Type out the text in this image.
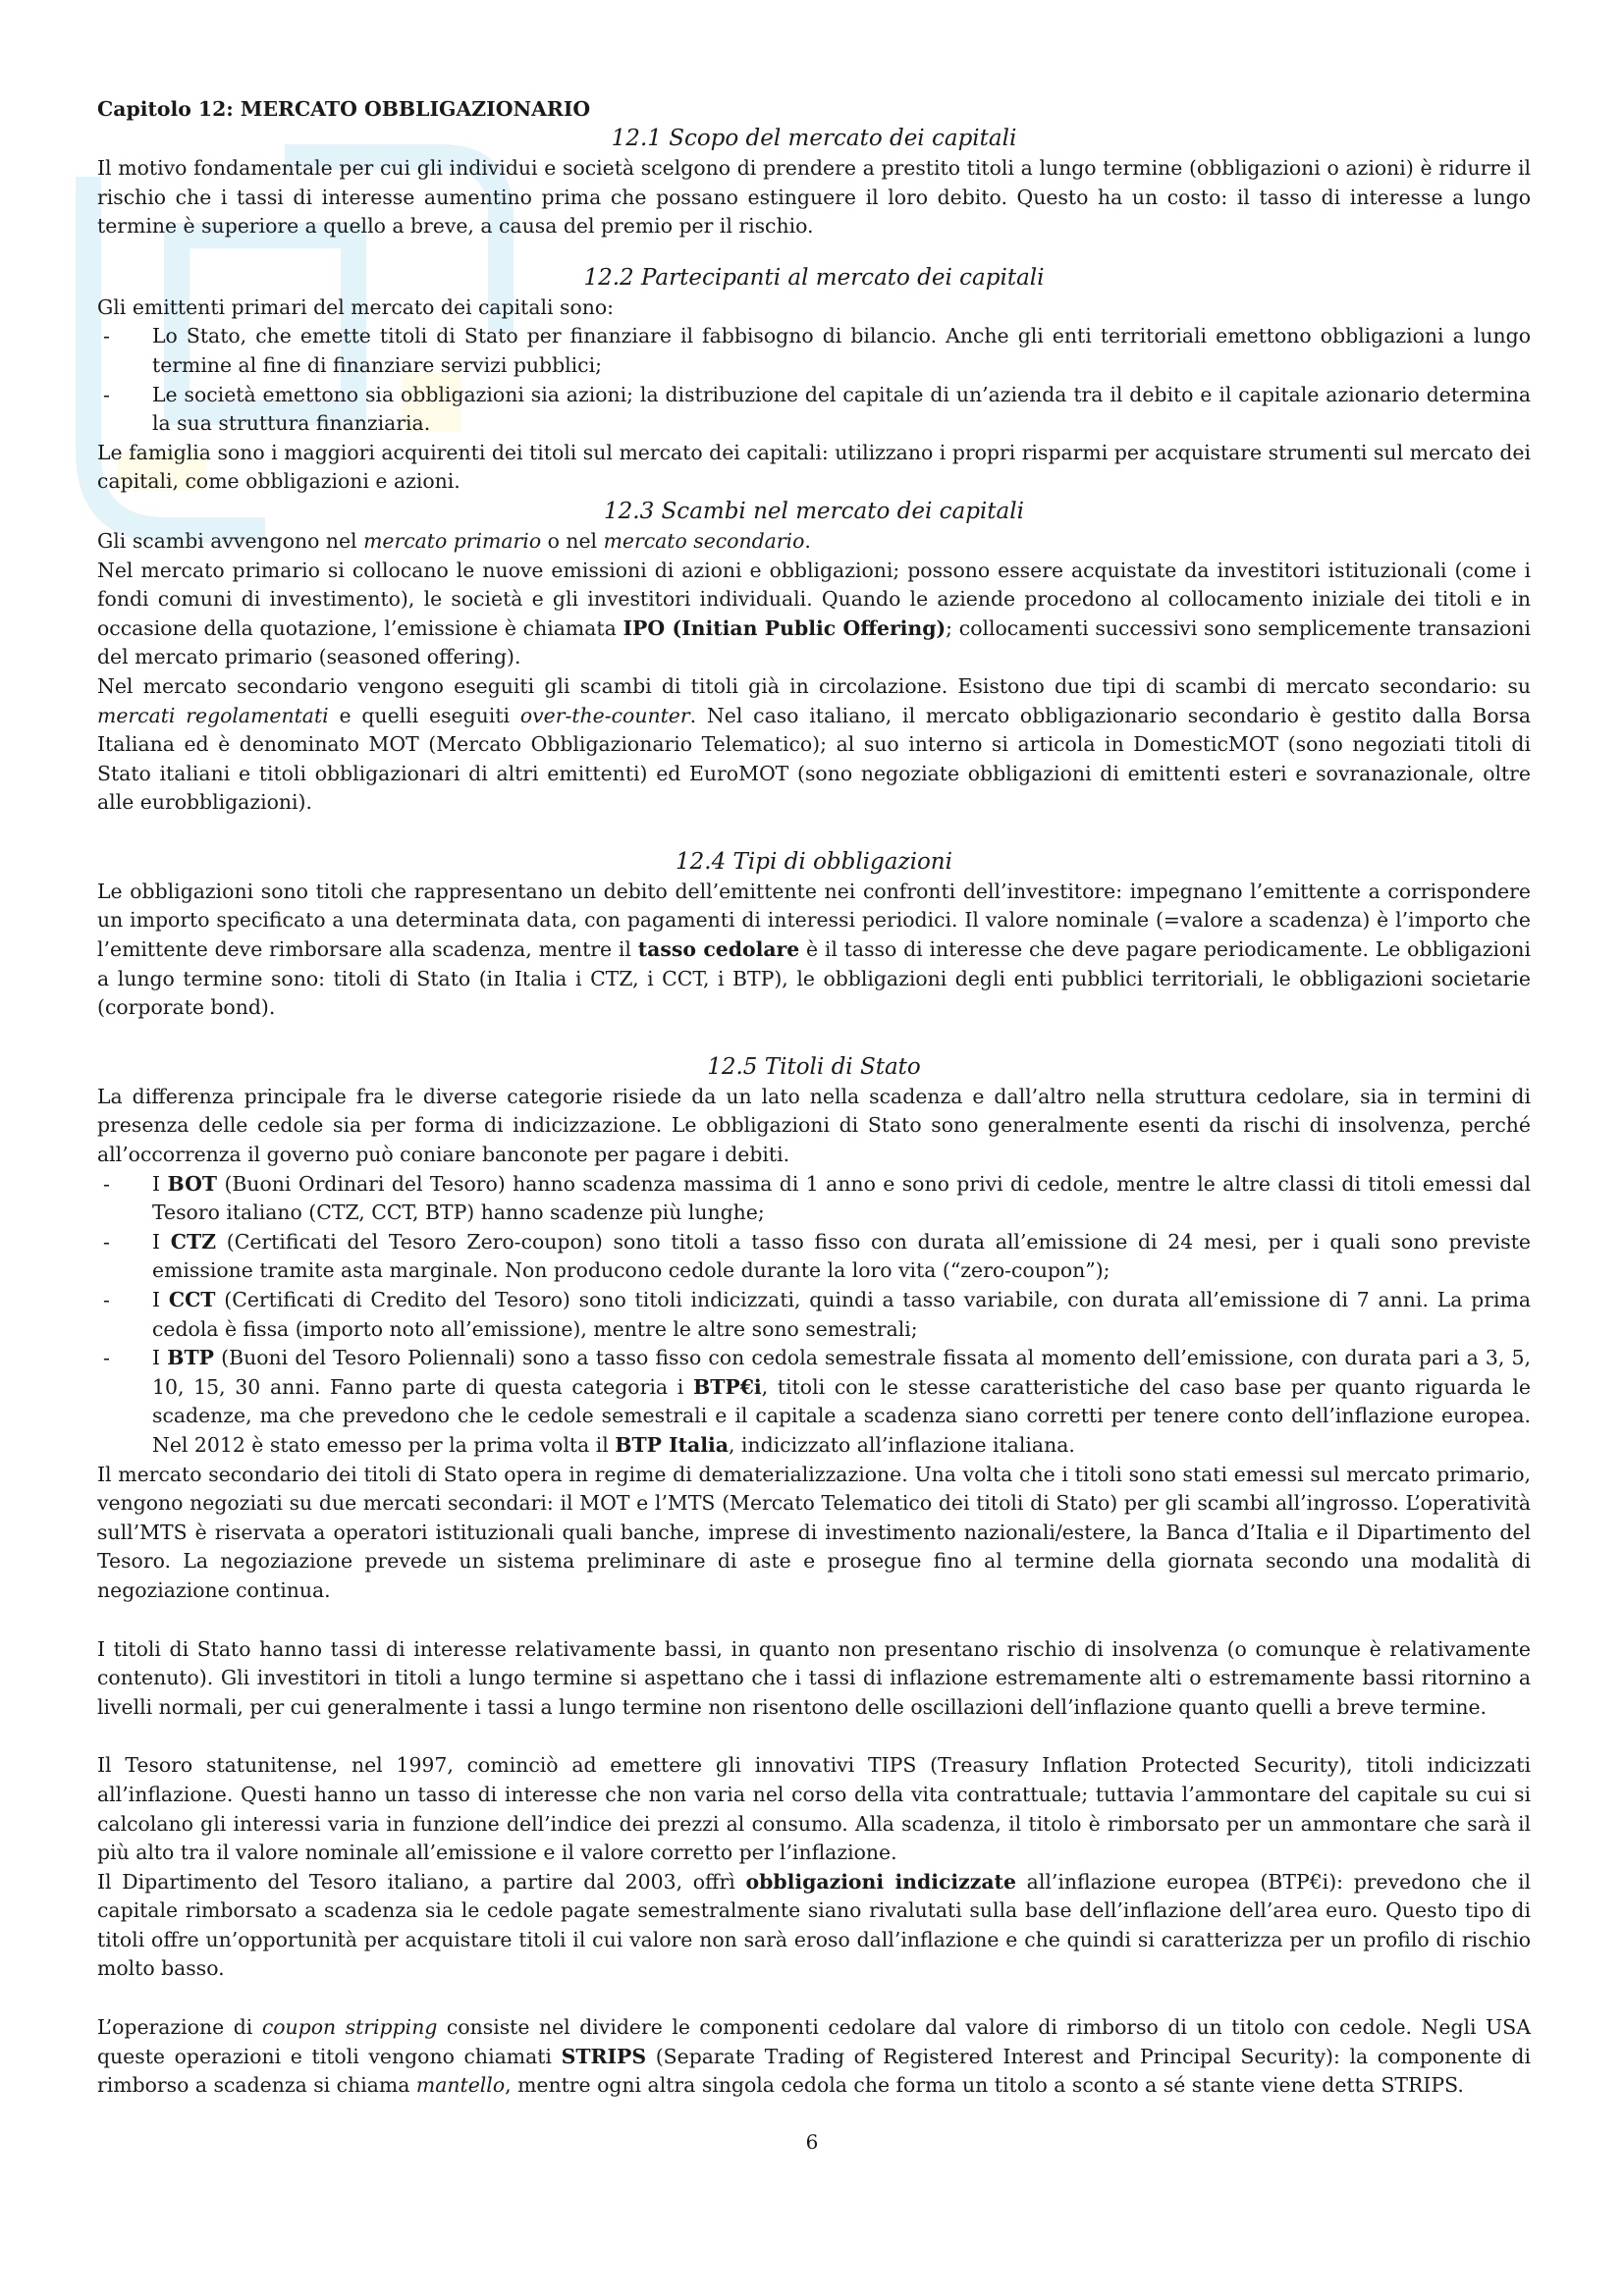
Capitolo 12: MERCATO OBBLIGAZIONARIO

12.1 Scopo del mercato dei capitali

Il motivo fondamentale per cui gli individui e società scelgono di prendere a prestito titoli a lungo termine (obbligazioni o azioni) è ridurre il rischio che i tassi di interesse aumentino prima che possano estinguere il loro debito. Questo ha un costo: il tasso di interesse a lungo termine è superiore a quello a breve, a causa del premio per il rischio.

12.2 Partecipanti al mercato dei capitali

Gli emittenti primari del mercato dei capitali sono:

- Lo Stato, che emette titoli di Stato per finanziare il fabbisogno di bilancio. Anche gli enti territoriali emettono obbligazioni a lungo termine al fine di finanziare servizi pubblici;
- Le società emettono sia obbligazioni sia azioni; la distribuzione del capitale di un’azienda tra il debito e il capitale azionario determina la sua struttura finanziaria.

Le famiglia sono i maggiori acquirenti dei titoli sul mercato dei capitali: utilizzano i propri risparmi per acquistare strumenti sul mercato dei capitali, come obbligazioni e azioni.

12.3 Scambi nel mercato dei capitali

Gli scambi avvengono nel mercato primario o nel mercato secondario.

Nel mercato primario si collocano le nuove emissioni di azioni e obbligazioni; possono essere acquistate da investitori istituzionali (come i fondi comuni di investimento), le società e gli investitori individuali. Quando le aziende procedono al collocamento iniziale dei titoli e in occasione della quotazione, l’emissione è chiamata IPO (Initian Public Offering); collocamenti successivi sono semplicemente transazioni del mercato primario (seasoned offering).

Nel mercato secondario vengono eseguiti gli scambi di titoli già in circolazione. Esistono due tipi di scambi di mercato secondario: su mercati regolamentati e quelli eseguiti over-the-counter. Nel caso italiano, il mercato obbligazionario secondario è gestito dalla Borsa Italiana ed è denominato MOT (Mercato Obbligazionario Telematico); al suo interno si articola in DomesticMOT (sono negoziati titoli di Stato italiani e titoli obbligazionari di altri emittenti) ed EuroMOT (sono negoziate obbligazioni di emittenti esteri e sovranazionale, oltre alle eurobbligazioni).

12.4 Tipi di obbligazioni

Le obbligazioni sono titoli che rappresentano un debito dell’emittente nei confronti dell’investitore: impegnano l’emittente a corrispondere un importo specificato a una determinata data, con pagamenti di interessi periodici. Il valore nominale (=valore a scadenza) è l’importo che l’emittente deve rimborsare alla scadenza, mentre il tasso cedolare è il tasso di interesse che deve pagare periodicamente. Le obbligazioni a lungo termine sono: titoli di Stato (in Italia i CTZ, i CCT, i BTP), le obbligazioni degli enti pubblici territoriali, le obbligazioni societarie (corporate bond).

12.5 Titoli di Stato

La differenza principale fra le diverse categorie risiede da un lato nella scadenza e dall’altro nella struttura cedolare, sia in termini di presenza delle cedole sia per forma di indicizzazione. Le obbligazioni di Stato sono generalmente esenti da rischi di insolvenza, perché all’occorrenza il governo può coniare banconote per pagare i debiti.

- I BOT (Buoni Ordinari del Tesoro) hanno scadenza massima di 1 anno e sono privi di cedole, mentre le altre classi di titoli emessi dal Tesoro italiano (CTZ, CCT, BTP) hanno scadenze più lunghe;
- I CTZ (Certificati del Tesoro Zero-coupon) sono titoli a tasso fisso con durata all’emissione di 24 mesi, per i quali sono previste emissione tramite asta marginale. Non producono cedole durante la loro vita (“zero-coupon”);
- I CCT (Certificati di Credito del Tesoro) sono titoli indicizzati, quindi a tasso variabile, con durata all’emissione di 7 anni. La prima cedola è fissa (importo noto all’emissione), mentre le altre sono semestrali;
- I BTP (Buoni del Tesoro Poliennali) sono a tasso fisso con cedola semestrale fissata al momento dell’emissione, con durata pari a 3, 5, 10, 15, 30 anni. Fanno parte di questa categoria i BTP€i, titoli con le stesse caratteristiche del caso base per quanto riguarda le scadenze, ma che prevedono che le cedole semestrali e il capitale a scadenza siano corretti per tenere conto dell’inflazione europea. Nel 2012 è stato emesso per la prima volta il BTP Italia, indicizzato all’inflazione italiana.

Il mercato secondario dei titoli di Stato opera in regime di dematerializzazione. Una volta che i titoli sono stati emessi sul mercato primario, vengono negoziati su due mercati secondari: il MOT e l’MTS (Mercato Telematico dei titoli di Stato) per gli scambi all’ingrosso. L’operatività sull’MTS è riservata a operatori istituzionali quali banche, imprese di investimento nazionali/estere, la Banca d’Italia e il Dipartimento del Tesoro. La negoziazione prevede un sistema preliminare di aste e prosegue fino al termine della giornata secondo una modalità di negoziazione continua.

I titoli di Stato hanno tassi di interesse relativamente bassi, in quanto non presentano rischio di insolvenza (o comunque è relativamente contenuto). Gli investitori in titoli a lungo termine si aspettano che i tassi di inflazione estremamente alti o estremamente bassi ritornino a livelli normali, per cui generalmente i tassi a lungo termine non risentono delle oscillazioni dell’inflazione quanto quelli a breve termine.

Il Tesoro statunitense, nel 1997, cominciò ad emettere gli innovativi TIPS (Treasury Inflation Protected Security), titoli indicizzati all’inflazione. Questi hanno un tasso di interesse che non varia nel corso della vita contrattuale; tuttavia l’ammontare del capitale su cui si calcolano gli interessi varia in funzione dell’indice dei prezzi al consumo. Alla scadenza, il titolo è rimborsato per un ammontare che sarà il più alto tra il valore nominale all’emissione e il valore corretto per l’inflazione.

Il Dipartimento del Tesoro italiano, a partire dal 2003, offrì obbligazioni indicizzate all’inflazione europea (BTP€i): prevedono che il capitale rimborsato a scadenza sia le cedole pagate semestralmente siano rivalutati sulla base dell’inflazione dell’area euro. Questo tipo di titoli offre un’opportunità per acquistare titoli il cui valore non sarà eroso dall’inflazione e che quindi si caratterizza per un profilo di rischio molto basso.

L’operazione di coupon stripping consiste nel dividere le componenti cedolare dal valore di rimborso di un titolo con cedole. Negli USA queste operazioni e titoli vengono chiamati STRIPS (Separate Trading of Registered Interest and Principal Security): la componente di rimborso a scadenza si chiama mantello, mentre ogni altra singola cedola che forma un titolo a sconto a sé stante viene detta STRIPS.

6
